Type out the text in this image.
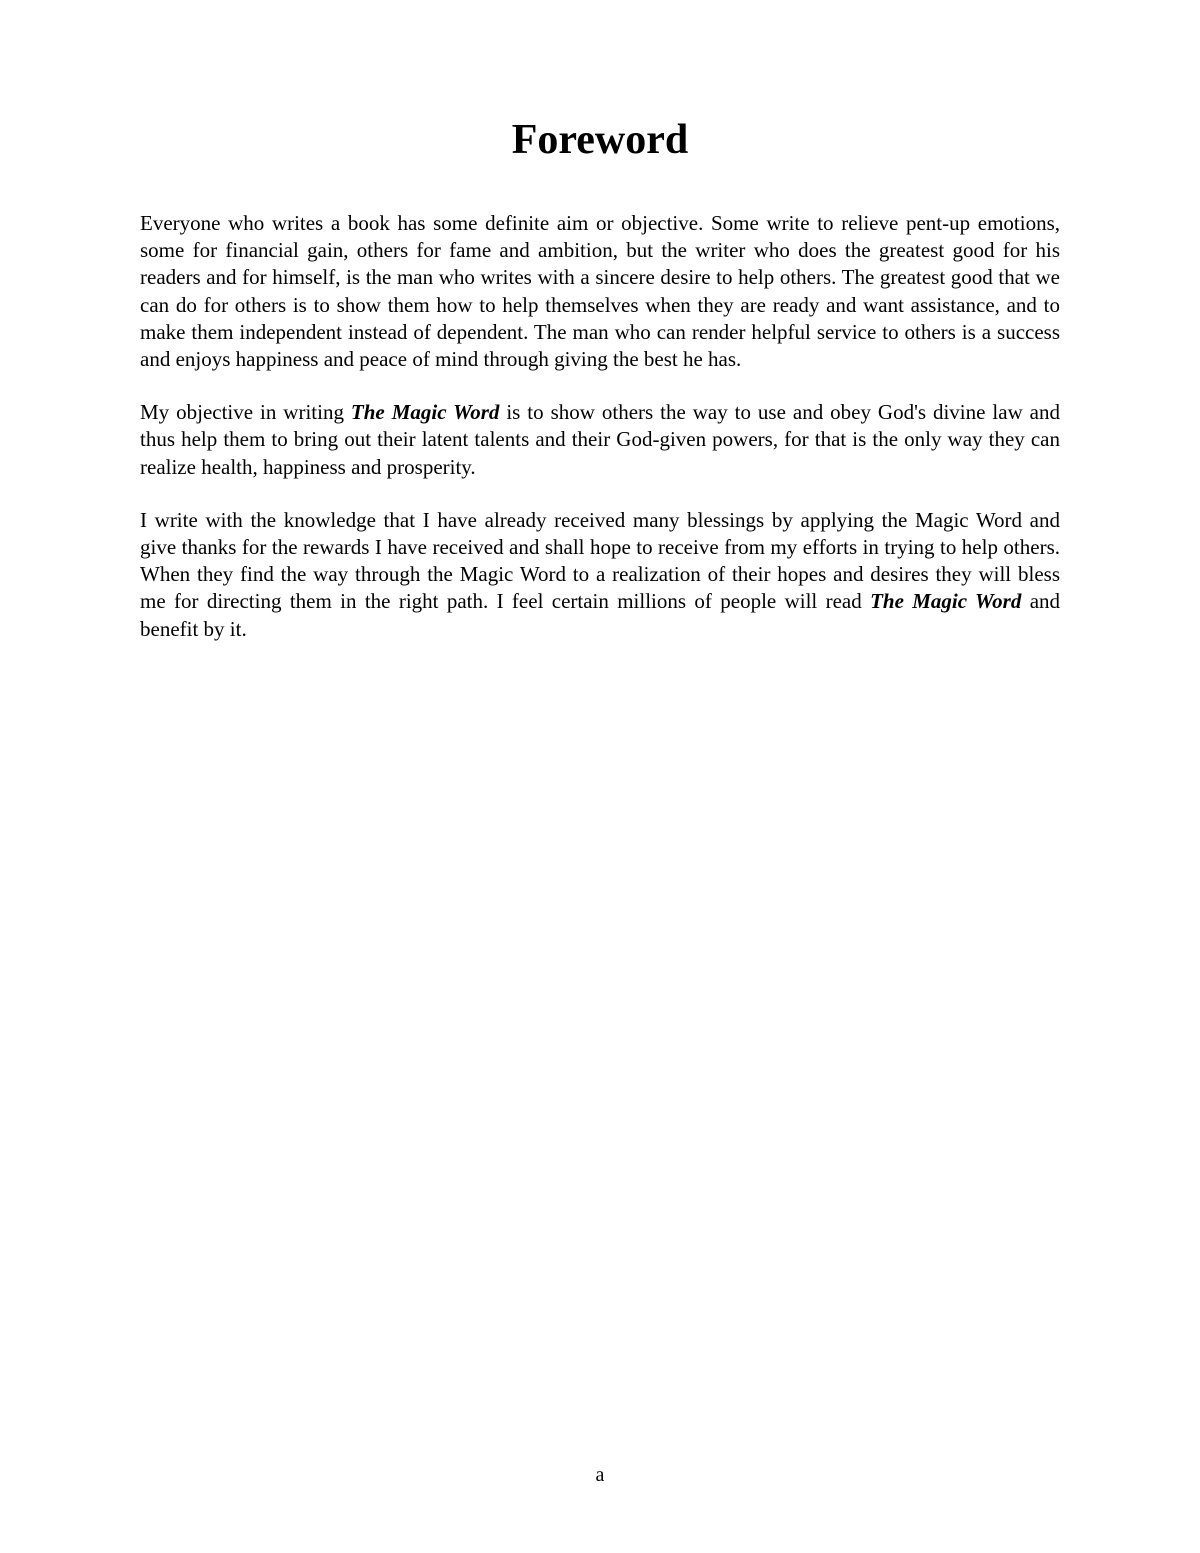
Foreword

Everyone who writes a book has some definite aim or objective. Some write to relieve pent-up emotions, some for financial gain, others for fame and ambition, but the writer who does the greatest good for his readers and for himself, is the man who writes with a sincere desire to help others. The greatest good that we can do for others is to show them how to help themselves when they are ready and want assistance, and to make them independent instead of dependent. The man who can render helpful service to others is a success and enjoys happiness and peace of mind through giving the best he has.

My objective in writing The Magic Word is to show others the way to use and obey God's divine law and thus help them to bring out their latent talents and their God-given powers, for that is the only way they can realize health, happiness and prosperity.

I write with the knowledge that I have already received many blessings by applying the Magic Word and give thanks for the rewards I have received and shall hope to receive from my efforts in trying to help others. When they find the way through the Magic Word to a realization of their hopes and desires they will bless me for directing them in the right path. I feel certain millions of people will read The Magic Word and benefit by it.

a
